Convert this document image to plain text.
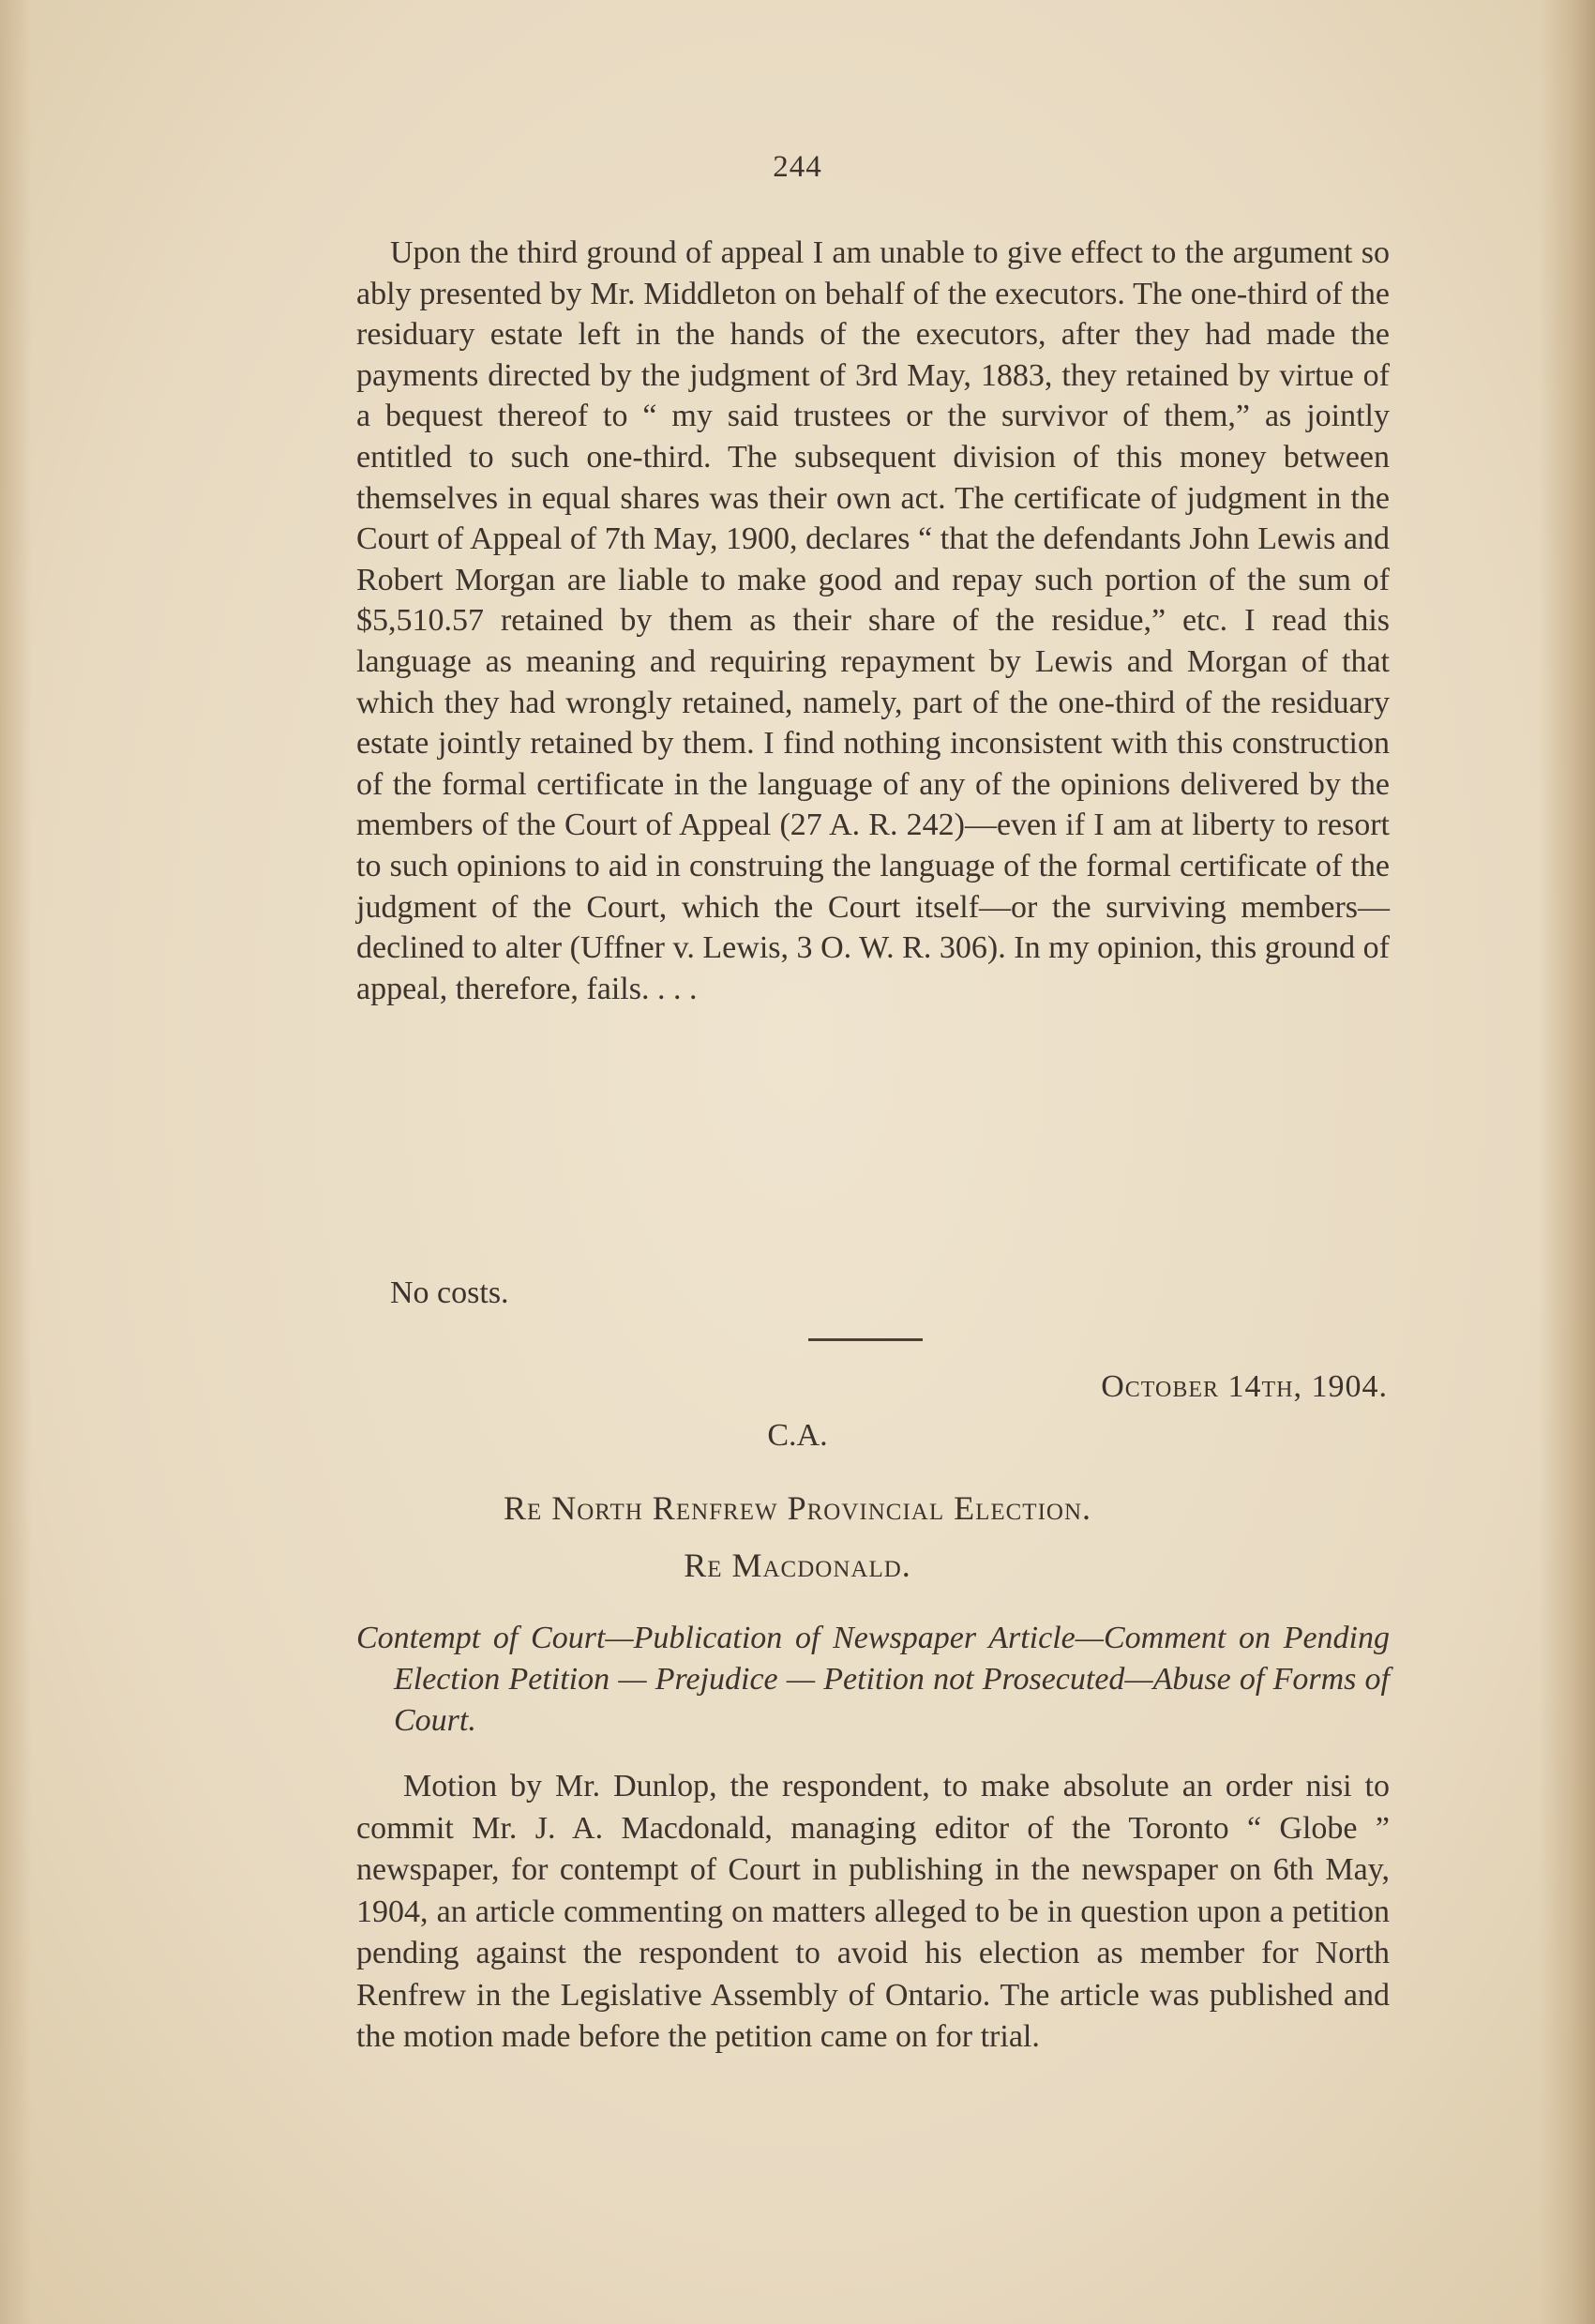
244

Upon the third ground of appeal I am unable to give effect to the argument so ably presented by Mr. Middleton on behalf of the executors. The one-third of the residuary estate left in the hands of the executors, after they had made the payments directed by the judgment of 3rd May, 1883, they retained by virtue of a bequest thereof to “ my said trustees or the survivor of them,” as jointly entitled to such one-third. The subsequent division of this money between themselves in equal shares was their own act. The certificate of judgment in the Court of Appeal of 7th May, 1900, declares “ that the defendants John Lewis and Robert Morgan are liable to make good and repay such portion of the sum of $5,510.57 retained by them as their share of the residue,” etc. I read this language as meaning and requiring repayment by Lewis and Morgan of that which they had wrongly retained, namely, part of the one-third of the residuary estate jointly retained by them. I find nothing inconsistent with this construction of the formal certificate in the language of any of the opinions delivered by the members of the Court of Appeal (27 A. R. 242)—even if I am at liberty to resort to such opinions to aid in construing the language of the formal certificate of the judgment of the Court, which the Court itself—or the surviving members—declined to alter (Uffner v. Lewis, 3 O. W. R. 306). In my opinion, this ground of appeal, therefore, fails. . . .

No costs.

October 14th, 1904.
C.A.
Re North Renfrew Provincial Election.
Re Macdonald.
Contempt of Court—Publication of Newspaper Article—Comment on Pending Election Petition — Prejudice — Petition not Prosecuted—Abuse of Forms of Court.
Motion by Mr. Dunlop, the respondent, to make absolute an order nisi to commit Mr. J. A. Macdonald, managing editor of the Toronto “ Globe ” newspaper, for contempt of Court in publishing in the newspaper on 6th May, 1904, an article commenting on matters alleged to be in question upon a petition pending against the respondent to avoid his election as member for North Renfrew in the Legislative Assembly of Ontario. The article was published and the motion made before the petition came on for trial.
